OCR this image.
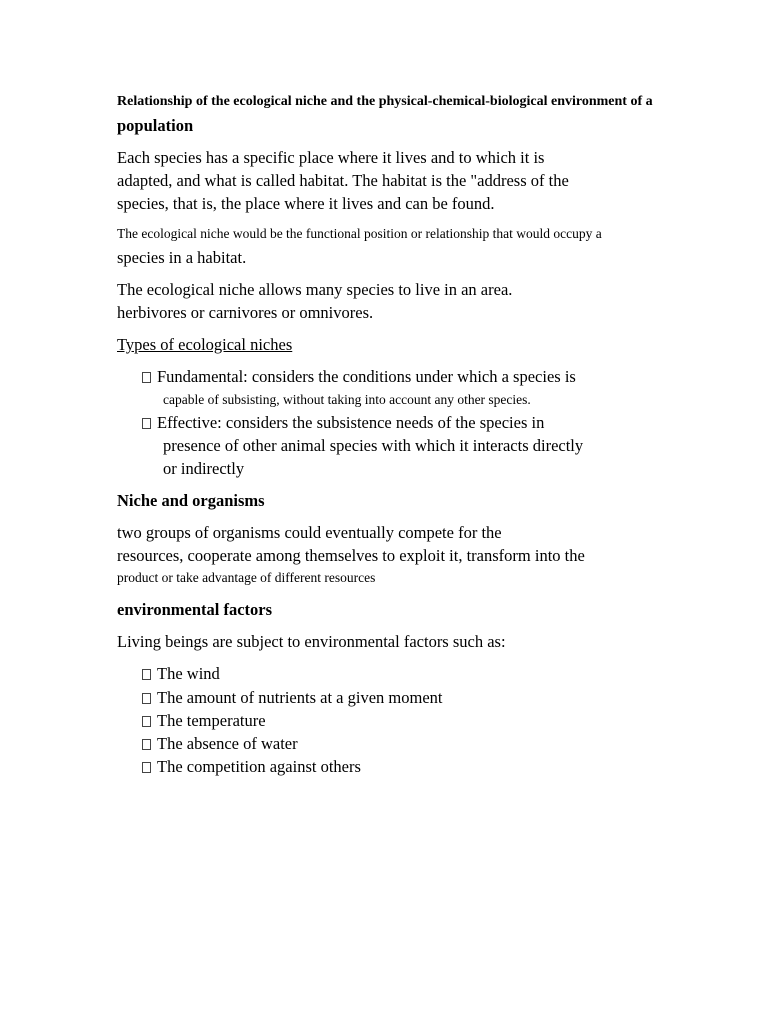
Relationship of the ecological niche and the physical-chemical-biological environment of a
population
Each species has a specific place where it lives and to which it is
adapted, and what is called habitat. The habitat is the "address of the
species, that is, the place where it lives and can be found.
The ecological niche would be the functional position or relationship that would occupy a
species in a habitat.
The ecological niche allows many species to live in an area.
herbivores or carnivores or omnivores.
Types of ecological niches
Fundamental: considers the conditions under which a species is
capable of subsisting, without taking into account any other species.
Effective: considers the subsistence needs of the species in
presence of other animal species with which it interacts directly
or indirectly
Niche and organisms
two groups of organisms could eventually compete for the
resources, cooperate among themselves to exploit it, transform into the
product or take advantage of different resources
environmental factors
Living beings are subject to environmental factors such as:
The wind
The amount of nutrients at a given moment
The temperature
The absence of water
The competition against others
